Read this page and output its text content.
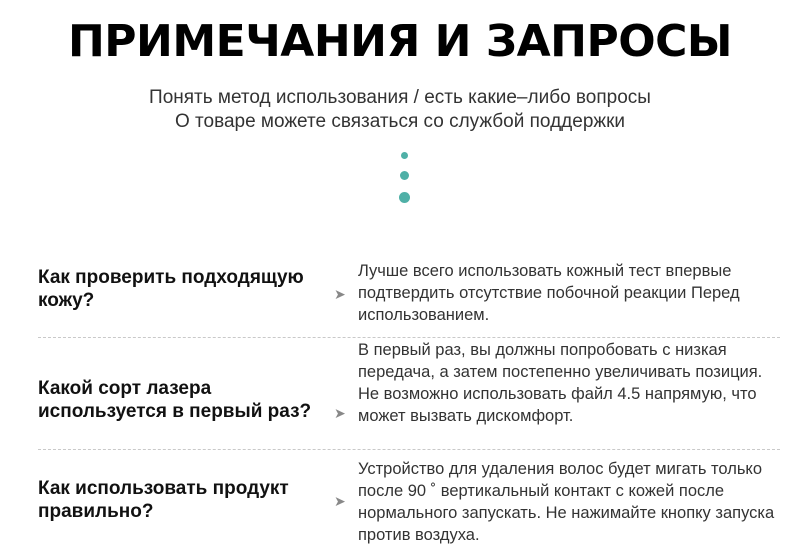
ПРИМЕЧАНИЯ И ЗАПРОСЫ
Понять метод использования / есть какие–либо вопросы
О товаре можете связаться со службой поддержки

Как проверить подходящую кожу?	➤

Лучше всего использовать кожный тест впервые подтвердить отсутствие побочной реакции Перед использованием.

Какой сорт лазера используется в первый раз?	➤

В первый раз, вы должны попробовать с низкая передача, а затем постепенно увеличивать позиция. Не возможно использовать файл 4.5 напрямую, что может вызвать дискомфорт.

Как использовать продукт правильно?	➤

Устройство для удаления волос будет мигать только после 90 ˚ вертикальный контакт с кожей после нормального запускать. Не нажимайте кнопку запуска против воздуха.
